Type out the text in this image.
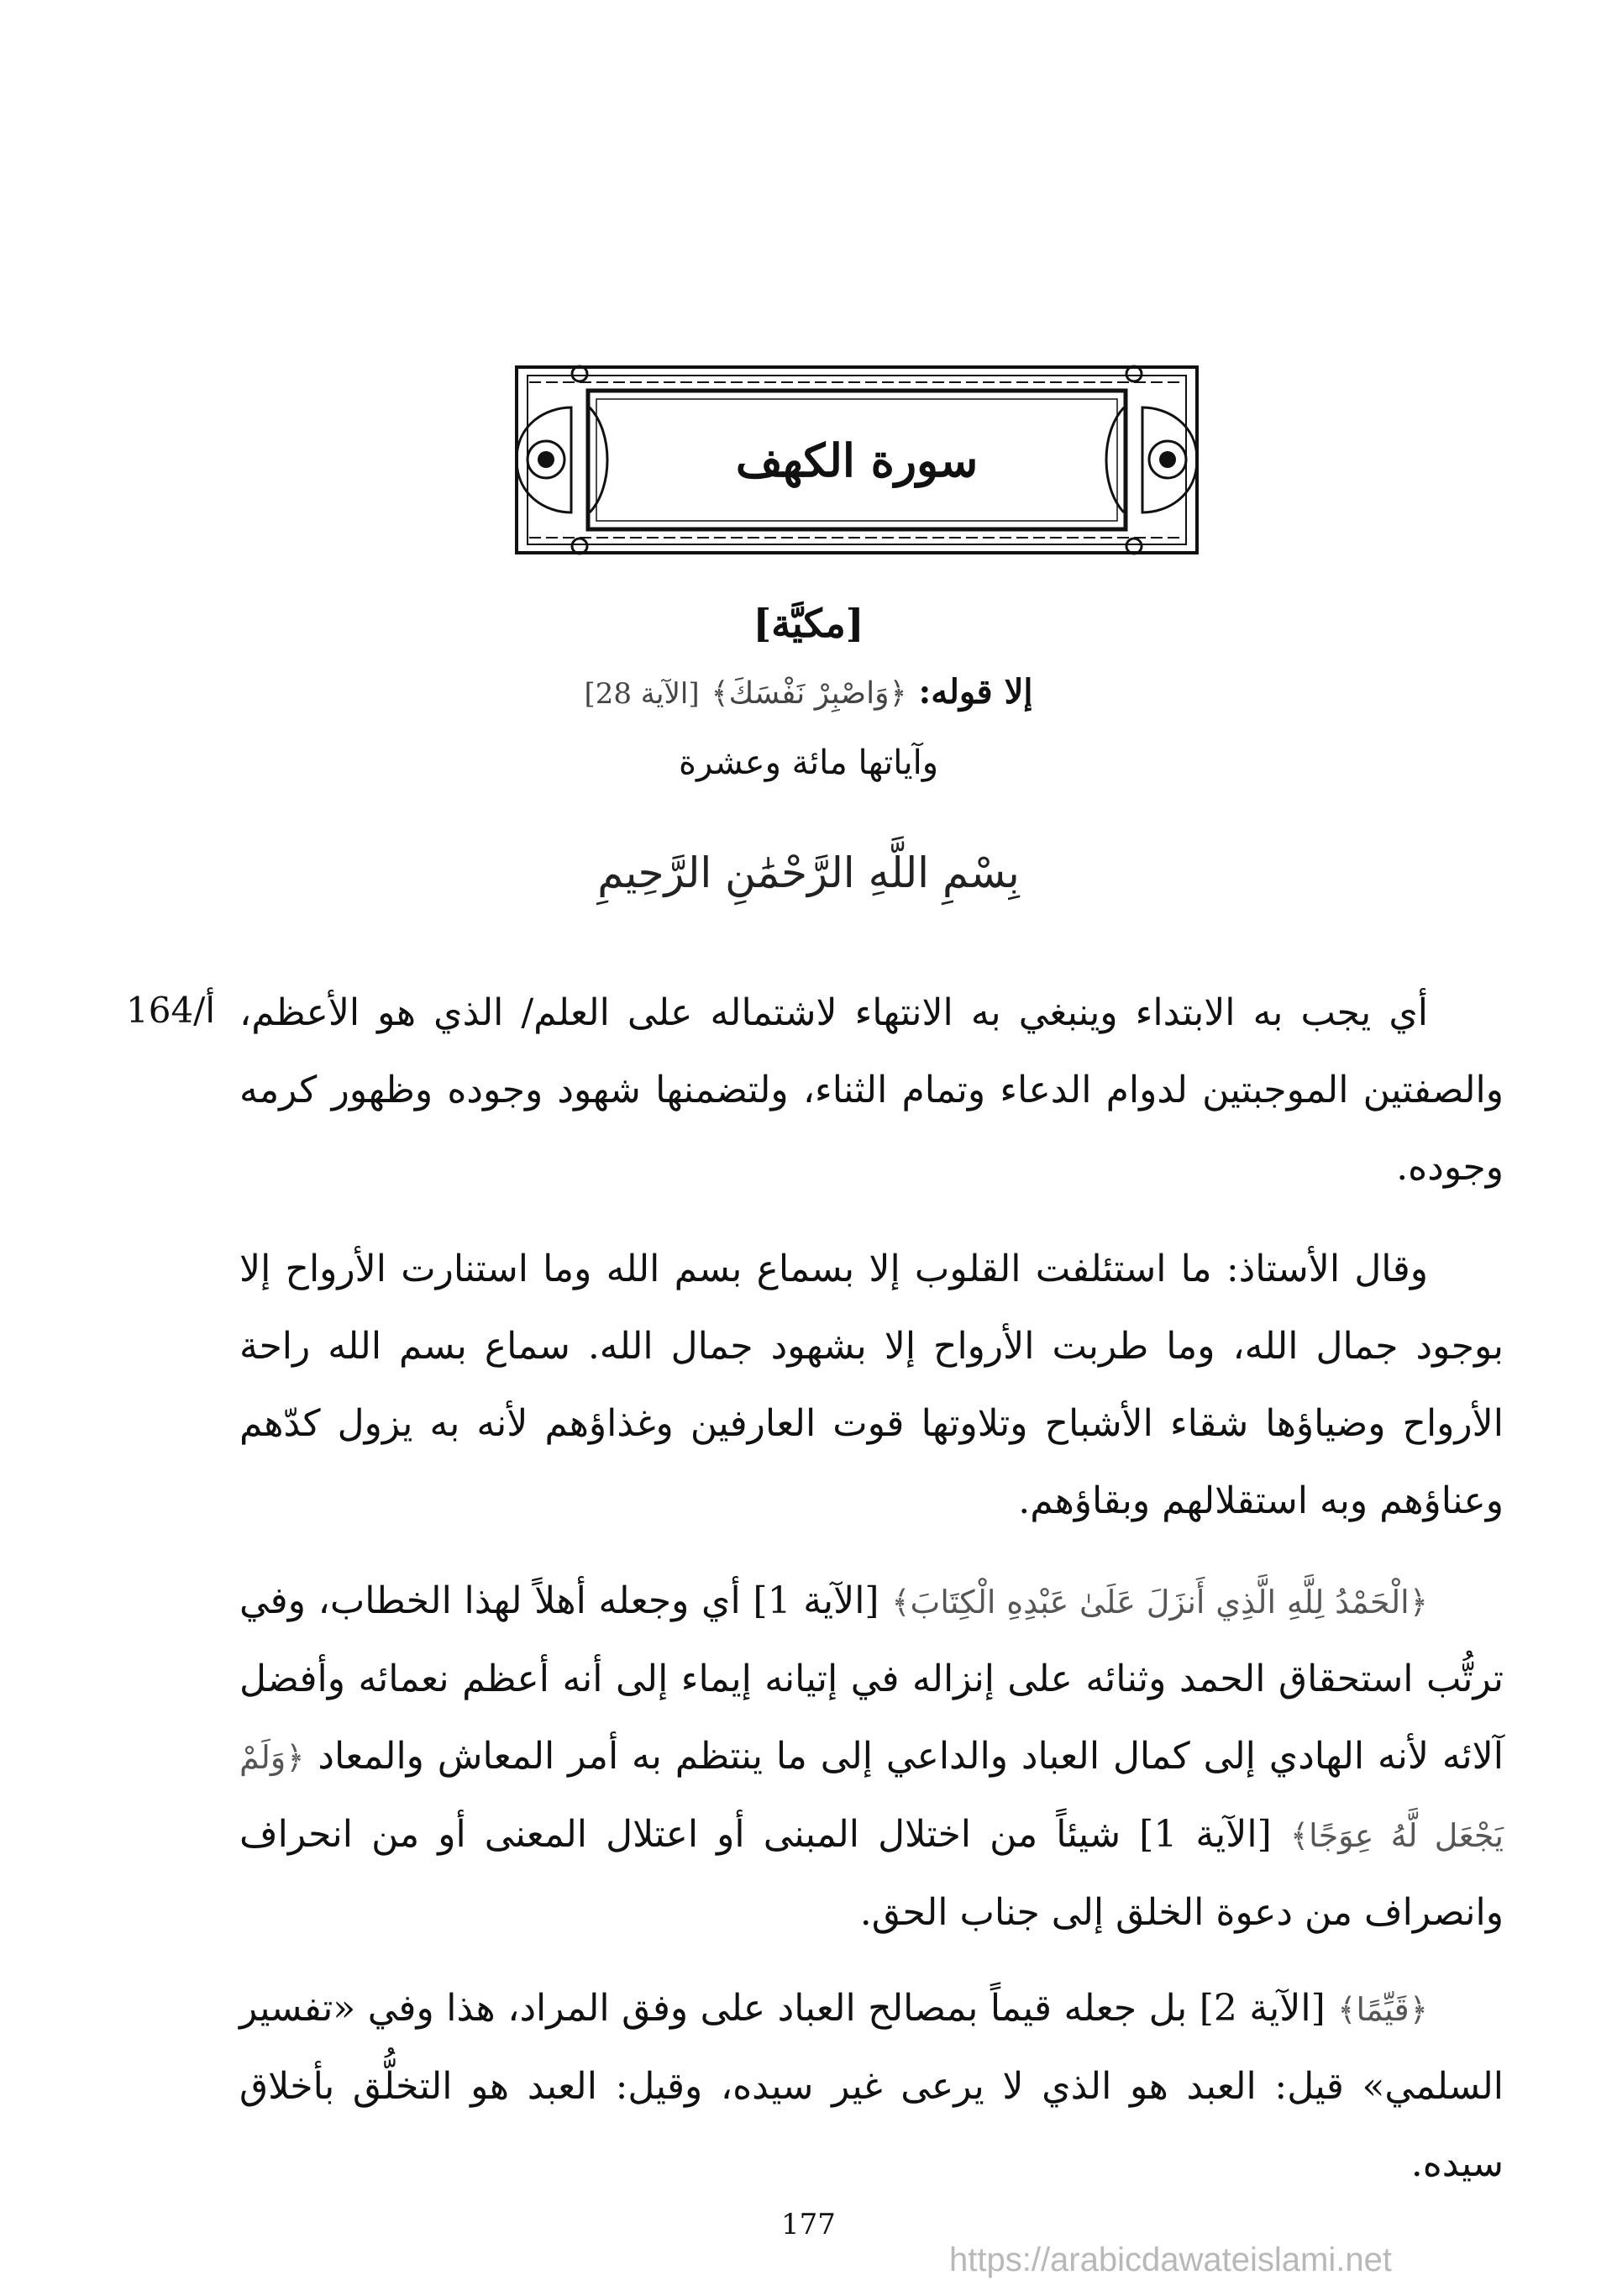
سورة الكهف
[مكيَّة]
إلا قوله: ﴿وَاصْبِرْ نَفْسَكَ﴾ [الآية 28]
وآياتها مائة وعشرة
بِسْمِ اللَّهِ الرَّحْمَٰنِ الرَّحِيمِ
164/أ أي يجب به الابتداء وينبغي به الانتهاء لاشتماله على العلم/ الذي هو الأعظم، والصفتين الموجبتين لدوام الدعاء وتمام الثناء، ولتضمنها شهود وجوده وظهور كرمه وجوده.
وقال الأستاذ: ما استئلفت القلوب إلا بسماع بسم الله وما استنارت الأرواح إلا بوجود جمال الله، وما طربت الأرواح إلا بشهود جمال الله. سماع بسم الله راحة الأرواح وضياؤها شقاء الأشباح وتلاوتها قوت العارفين وغذاؤهم لأنه به يزول كدّهم وعناؤهم وبه استقلالهم وبقاؤهم.
﴿الْحَمْدُ لِلَّهِ الَّذِي أَنزَلَ عَلَىٰ عَبْدِهِ الْكِتَابَ﴾ [الآية 1] أي وجعله أهلاً لهذا الخطاب، وفي ترتُّب استحقاق الحمد وثنائه على إنزاله في إتيانه إيماء إلى أنه أعظم نعمائه وأفضل آلائه لأنه الهادي إلى كمال العباد والداعي إلى ما ينتظم به أمر المعاش والمعاد ﴿وَلَمْ يَجْعَل لَّهُ عِوَجًا﴾ [الآية 1] شيئاً من اختلال المبنى أو اعتلال المعنى أو من انحراف وانصراف من دعوة الخلق إلى جناب الحق.
﴿قَيِّمًا﴾ [الآية 2] بل جعله قيماً بمصالح العباد على وفق المراد، هذا وفي «تفسير السلمي» قيل: العبد هو الذي لا يرعى غير سيده، وقيل: العبد هو التخلُّق بأخلاق سيده.
177
https://arabicdawateislami.net
